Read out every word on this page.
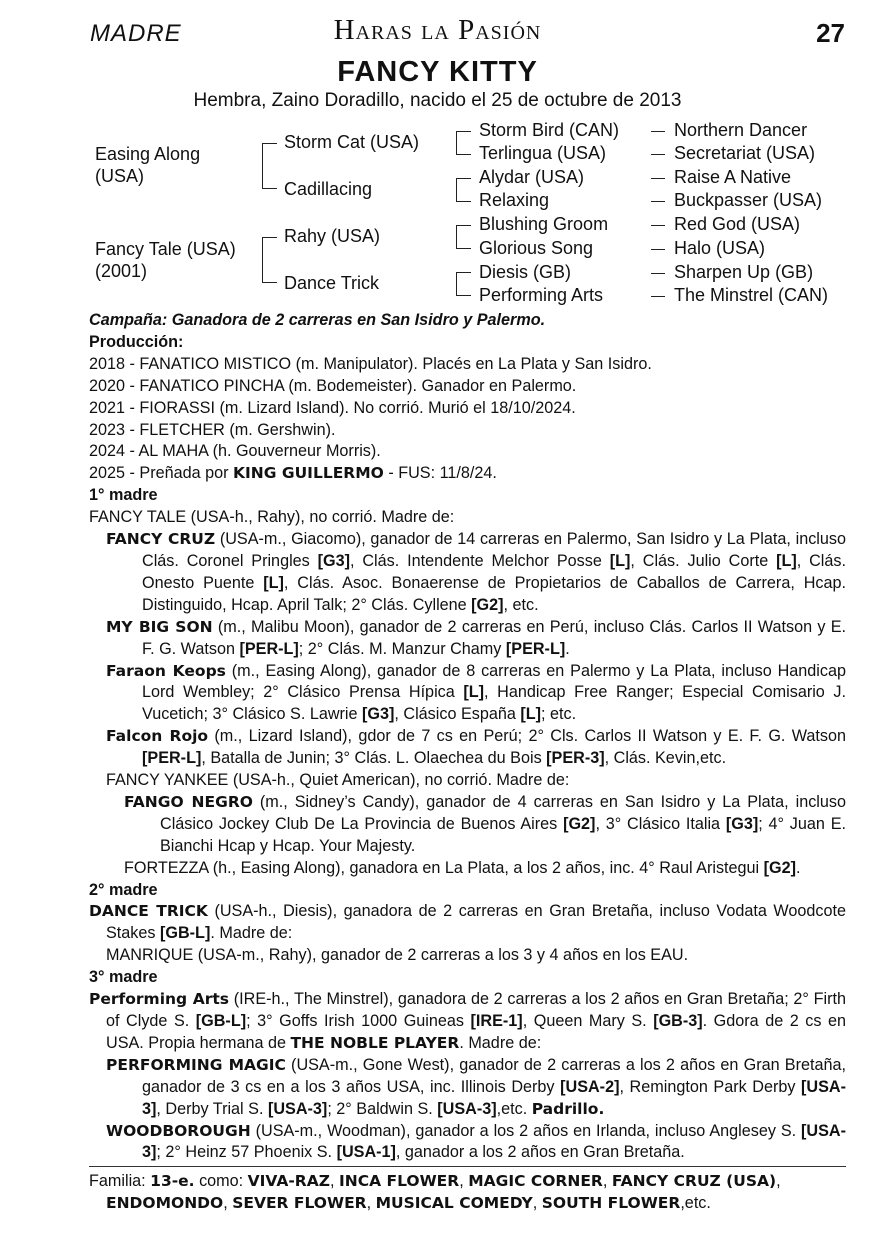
MADRE	Haras la Pasión	27
FANCY KITTY
Hembra, Zaino Doradillo, nacido el 25 de octubre de 2013
Easing Along
(USA)
Fancy Tale (USA)
(2001)
Storm Cat (USA)
Cadillacing
Rahy (USA)
Dance Trick
Storm Bird (CAN)
Terlingua (USA)
Alydar (USA)
Relaxing
Blushing Groom
Glorious Song
Diesis (GB)
Performing Arts
Northern Dancer
Secretariat (USA)
Raise A Native
Buckpasser (USA)
Red God (USA)
Halo (USA)
Sharpen Up (GB)
The Minstrel (CAN)

Campaña: Ganadora de 2 carreras en San Isidro y Palermo.

Producción:

2018 - FANATICO MISTICO (m. Manipulator). Placés en La Plata y San Isidro.

2020 - FANATICO PINCHA (m. Bodemeister). Ganador en Palermo.

2021 - FIORASSI (m. Lizard Island). No corrió. Murió el 18/10/2024.

2023 - FLETCHER (m. Gershwin).

2024 - AL MAHA (h. Gouverneur Morris).

2025 - Preñada por KING GUILLERMO - FUS: 11/8/24.

1° madre

FANCY TALE (USA-h., Rahy), no corrió. Madre de:

FANCY CRUZ (USA-m., Giacomo), ganador de 14 carreras en Palermo, San Isidro y La Plata, incluso Clás. Coronel Pringles [G3], Clás. Intendente Melchor Posse [L], Clás. Julio Corte [L], Clás. Onesto Puente [L], Clás. Asoc. Bonaerense de Propietarios de Caballos de Carrera, Hcap. Distinguido, Hcap. April Talk; 2° Clás. Cyllene [G2], etc.

MY BIG SON (m., Malibu Moon), ganador de 2 carreras en Perú, incluso Clás. Carlos II Watson y E. F. G. Watson [PER-L]; 2° Clás. M. Manzur Chamy [PER-L].

Faraon Keops (m., Easing Along), ganador de 8 carreras en Palermo y La Plata, incluso Handicap Lord Wembley; 2° Clásico Prensa Hípica [L], Handicap Free Ranger; Especial Comisario J. Vucetich; 3° Clásico S. Lawrie [G3], Clásico España [L]; etc.

Falcon Rojo (m., Lizard Island), gdor de 7 cs en Perú; 2° Cls. Carlos II Watson y E. F. G. Watson [PER-L], Batalla de Junin; 3° Clás. L. Olaechea du Bois [PER-3], Clás. Kevin,etc.

FANCY YANKEE (USA-h., Quiet American), no corrió. Madre de:

FANGO NEGRO (m., Sidney’s Candy), ganador de 4 carreras en San Isidro y La Plata, incluso Clásico Jockey Club De La Provincia de Buenos Aires [G2], 3° Clásico Italia [G3]; 4° Juan E. Bianchi Hcap y Hcap. Your Majesty.

FORTEZZA (h., Easing Along), ganadora en La Plata, a los 2 años, inc. 4° Raul Aristegui [G2].

2° madre

DANCE TRICK (USA-h., Diesis), ganadora de 2 carreras en Gran Bretaña, incluso Vodata Woodcote Stakes [GB-L]. Madre de:

MANRIQUE (USA-m., Rahy), ganador de 2 carreras a los 3 y 4 años en los EAU.

3° madre

Performing Arts (IRE-h., The Minstrel), ganadora de 2 carreras a los 2 años en Gran Bretaña; 2° Firth of Clyde S. [GB-L]; 3° Goffs Irish 1000 Guineas [IRE-1], Queen Mary S. [GB-3]. Gdora de 2 cs en USA. Propia hermana de THE NOBLE PLAYER. Madre de:

PERFORMING MAGIC (USA-m., Gone West), ganador de 2 carreras a los 2 años en Gran Bretaña, ganador de 3 cs en a los 3 años USA, inc. Illinois Derby [USA-2], Remington Park Derby [USA-3], Derby Trial S. [USA-3]; 2° Baldwin S. [USA-3],etc. Padrillo.

WOODBOROUGH (USA-m., Woodman), ganador a los 2 años en Irlanda, incluso Anglesey S. [USA-3]; 2° Heinz 57 Phoenix S. [USA-1], ganador a los 2 años en Gran Bretaña.

Familia: 13-e. como: VIVA-RAZ, INCA FLOWER, MAGIC CORNER, FANCY CRUZ (USA),
ENDOMONDO, SEVER FLOWER, MUSICAL COMEDY, SOUTH FLOWER,etc.
